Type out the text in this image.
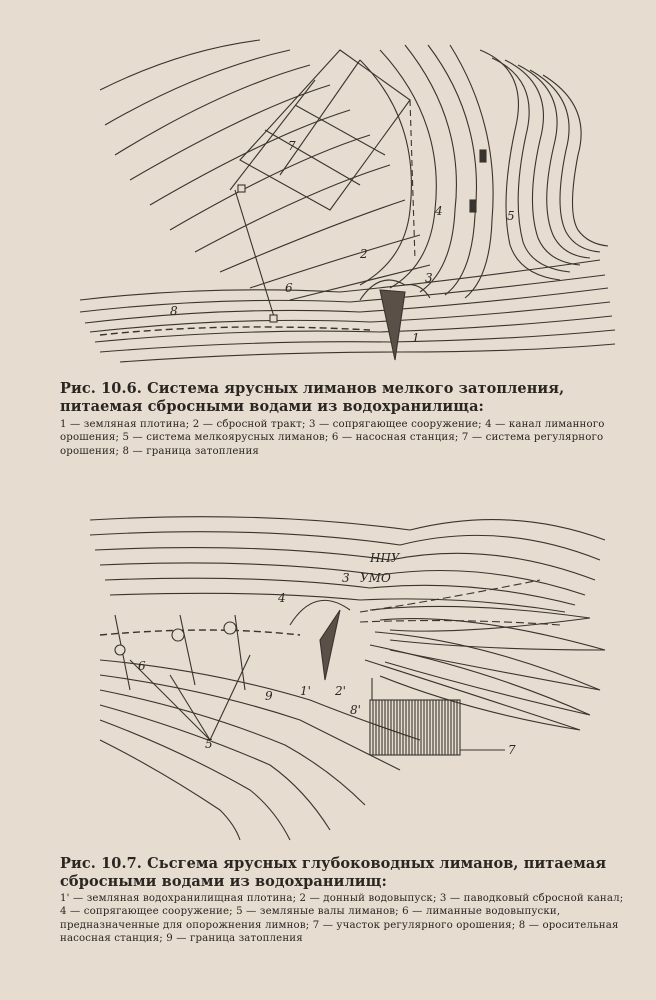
7
4	5
2
3
6
8
1
Рис. 10.6. Система ярусных лиманов мелкого затопления, питаемая сбросными водами из водохранилища:
1 — земляная плотина; 2 — сбросной тракт; 3 — сопрягающее сооружение; 4 — канал лиманного орошения; 5 — система мелкоярусных лиманов; 6 — насосная станция; 7 — система регулярного орошения; 8 — граница затопления
НПУ
УМО
3
4
6
9 1' 2'
8'
5	7
Рис. 10.7. Сьсгема ярусных глубоководных лиманов, питаемая сбросными водами из водохранилищ:
1' — земляная водохранилищная плотина; 2 — донный водовыпуск; 3 — паводковый сбросной канал; 4 — сопрягающее сооружение; 5 — земляные валы лиманов; 6 — лиманные водовыпуски, предназначенные для опорожнения лимнов; 7 — участок регулярного орошения; 8 — оросительная насосная станция; 9 — граница затопления
